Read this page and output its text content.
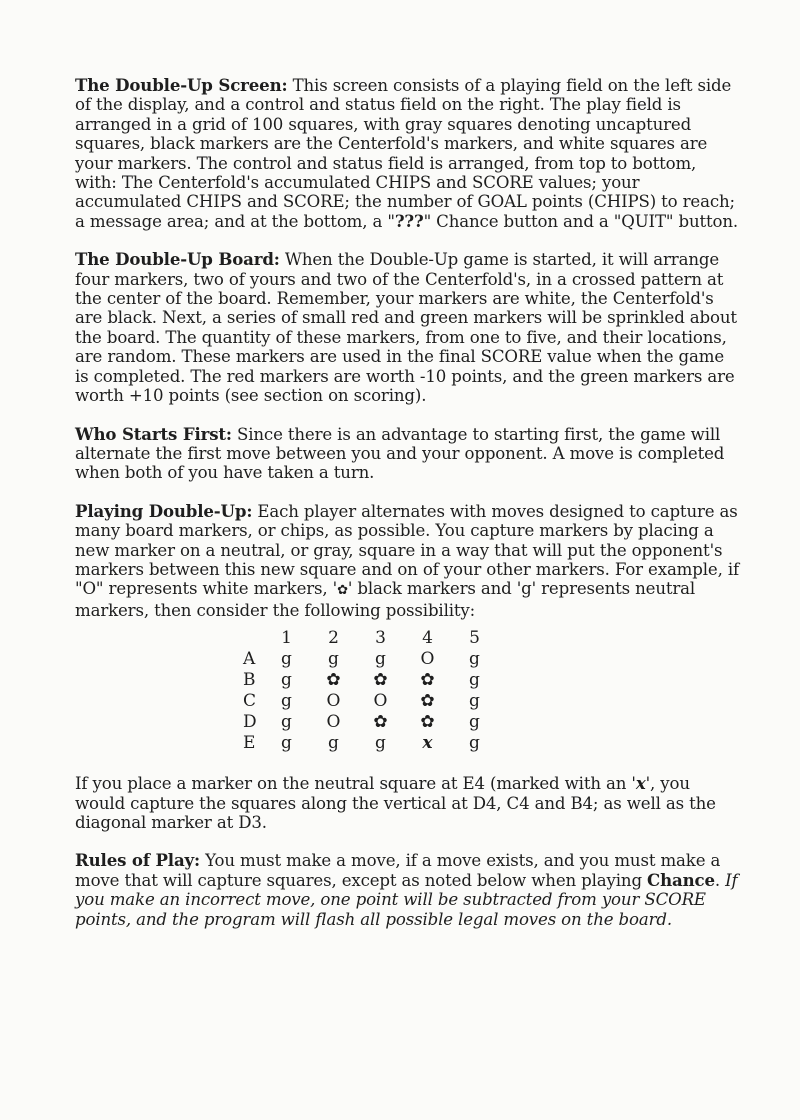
The Double-Up Screen: This screen consists of a playing field on the left side of the display, and a control and status field on the right. The play field is arranged in a grid of 100 squares, with gray squares denoting uncaptured squares, black markers are the Centerfold's markers, and white squares are your markers. The control and status field is arranged, from top to bottom, with: The Centerfold's accumulated CHIPS and SCORE values; your accumulated CHIPS and SCORE; the number of GOAL points (CHIPS) to reach; a message area; and at the bottom, a "???" Chance button and a "QUIT" button.

The Double-Up Board: When the Double-Up game is started, it will arrange four markers, two of yours and two of the Centerfold's, in a crossed pattern at the center of the board. Remember, your markers are white, the Centerfold's are black. Next, a series of small red and green markers will be sprinkled about the board. The quantity of these markers, from one to five, and their locations, are random. These markers are used in the final SCORE value when the game is completed. The red markers are worth -10 points, and the green markers are worth +10 points (see section on scoring).

Who Starts First: Since there is an advantage to starting first, the game will alternate the first move between you and your opponent. A move is completed when both of you have taken a turn.

Playing Double-Up: Each player alternates with moves designed to capture as many board markers, or chips, as possible. You capture markers by placing a new marker on a neutral, or gray, square in a way that will put the opponent's markers between this new square and on of your other markers. For example, if "O" represents white markers, '✿' black markers and 'g' represents neutral markers, then consider the following possibility:

	1	2	3	4	5
A	g	g	g	O	g
B	g	✿	✿	✿	g
C	g	O	O	✿	g
D	g	O	✿	✿	g
E	g	g	g	x	g

If you place a marker on the neutral square at E4 (marked with an 'x', you would capture the squares along the vertical at D4, C4 and B4; as well as the diagonal marker at D3.

Rules of Play: You must make a move, if a move exists, and you must make a move that will capture squares, except as noted below when playing Chance. If you make an incorrect move, one point will be subtracted from your SCORE points, and the program will flash all possible legal moves on the board.
